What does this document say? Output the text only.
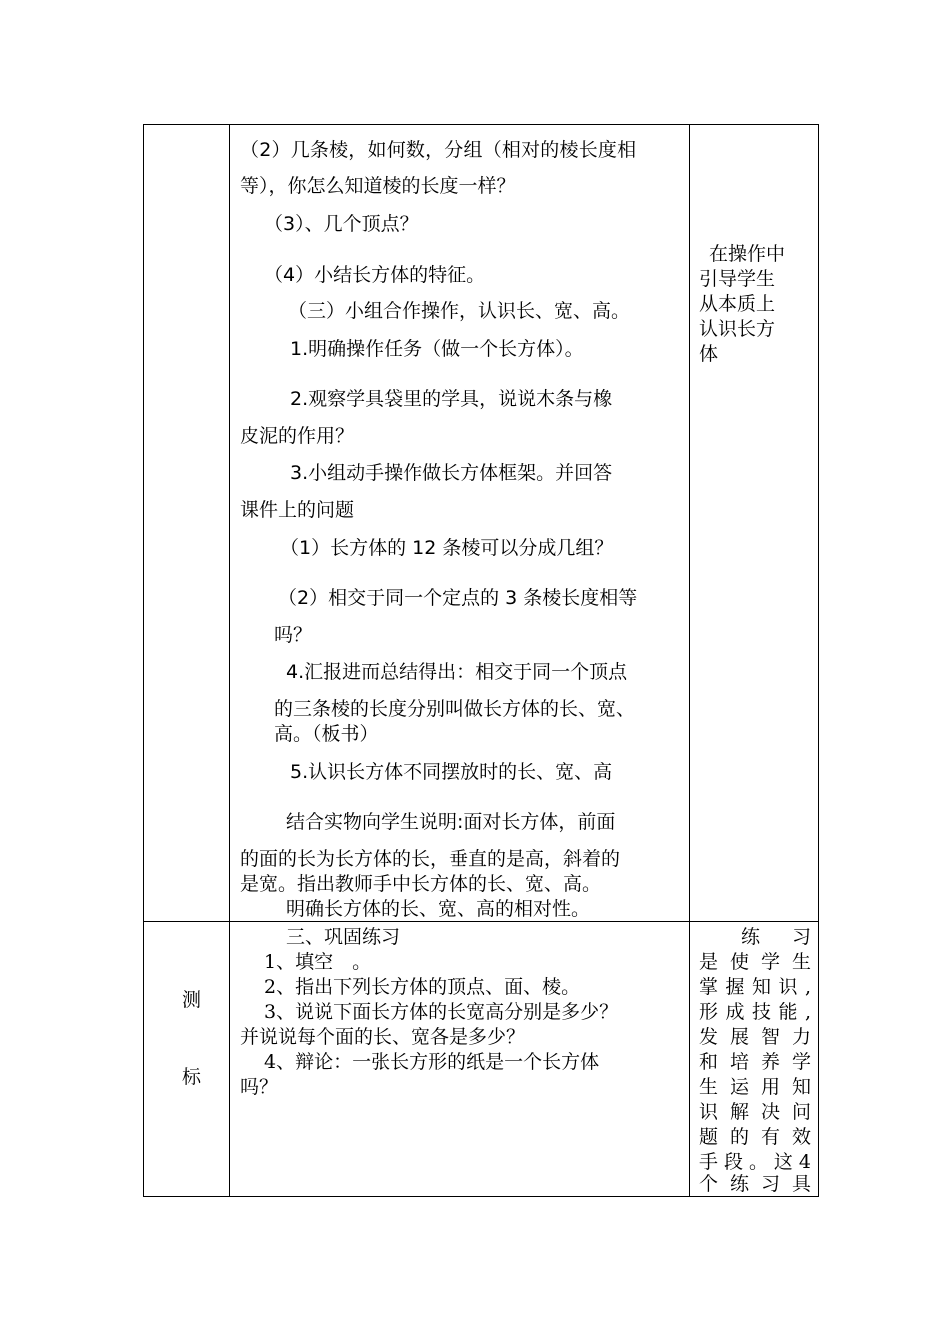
（2）几条棱，如何数，分组（相对的棱长度相
等），你怎么知道棱的长度一样？
（3）、几个顶点？
（4）小结长方体的特征。
（三）小组合作操作，认识长、宽、高。
1.明确操作任务（做一个长方体）。
2.观察学具袋里的学具，说说木条与橡
皮泥的作用？
3.小组动手操作做长方体框架。并回答
课件上的问题
（1）长方体的 12 条棱可以分成几组？
（2）相交于同一个定点的 3 条棱长度相等
吗？
4.汇报进而总结得出：相交于同一个顶点
的三条棱的长度分别叫做长方体的长、宽、
高。（板书）
5.认识长方体不同摆放时的长、宽、高
结合实物向学生说明:面对长方体，前面
的面的长为长方体的长，垂直的是高，斜着的
是宽。指出教师手中长方体的长、宽、高。
明确长方体的长、宽、高的相对性。
在操作中
引导学生
从本质上
认识长方
体
测
标
三、巩固练习
1、填空　。
2、指出下列长方体的顶点、面、棱。
3、说说下面长方体的长宽高分别是多少？
并说说每个面的长、宽各是多少？
4、辩论：一张长方形的纸是一个长方体
吗？
练　习
是使学生
掌握知识,
形成技能,
发展智力
和培养学
生运用知
识解决问
题的有效
手段。这4
个练习具
